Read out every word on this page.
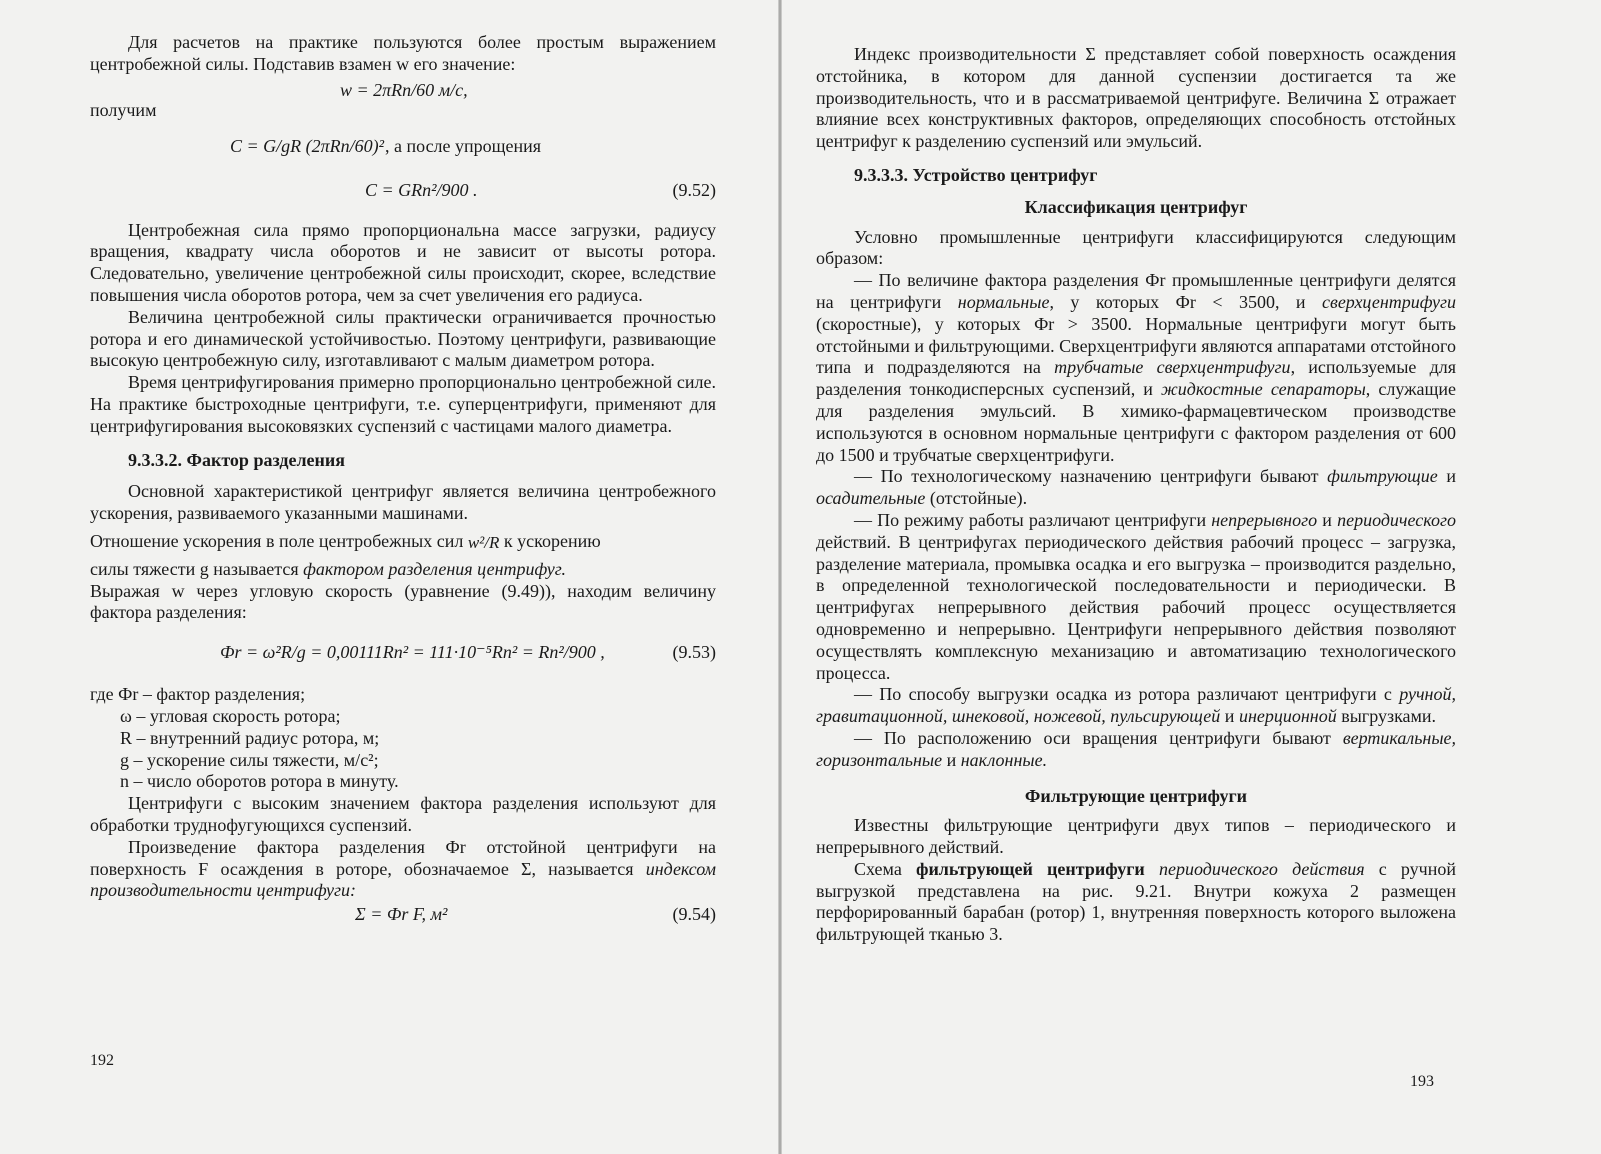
Для расчетов на практике пользуются более простым выражением центробежной силы. Подставив взамен w его значение:

w = 2πRn/60 м/с,
получим
C = G/gR (2πRn/60)² , а после упрощения
C = GRn²/900 .	(9.52)

Центробежная сила прямо пропорциональна массе загрузки, радиусу вращения, квадрату числа оборотов и не зависит от высоты ротора. Следовательно, увеличение центробежной силы происходит, скорее, вследствие повышения числа оборотов ротора, чем за счет увеличения его радиуса.

Величина центробежной силы практически ограничивается прочностью ротора и его динамической устойчивостью. Поэтому центрифуги, развивающие высокую центробежную силу, изготавливают с малым диаметром ротора.

Время центрифугирования примерно пропорционально центробежной силе. На практике быстроходные центрифуги, т.е. суперцентрифуги, применяют для центрифугирования высоковязких суспензий с частицами малого диаметра.

9.3.3.2. Фактор разделения

Основной характеристикой центрифуг является величина центробежного ускорения, развиваемого указанными машинами.

Отношение ускорения в поле центробежных сил w²/R к ускорению

силы тяжести g называется фактором разделения центрифуг.

Выражая w через угловую скорость (уравнение (9.49)), находим величину фактора разделения:

Фr = ω²R/g = 0,00111Rn² = 111·10⁻⁵Rn² = Rn²/900 ,	(9.53)

где Фr – фактор разделения;

ω – угловая скорость ротора;

R – внутренний радиус ротора, м;

g – ускорение силы тяжести, м/с²;

n – число оборотов ротора в минуту.

Центрифуги с высоким значением фактора разделения используют для обработки труднофугующихся суспензий.

Произведение фактора разделения Фr отстойной центрифуги на поверхность F осаждения в роторе, обозначаемое Σ, называется индексом производительности центрифуги:

Σ = Фr F, м²	(9.54)
192

Индекс производительности Σ представляет собой поверхность осаждения отстойника, в котором для данной суспензии достигается та же производительность, что и в рассматриваемой центрифуге. Величина Σ отражает влияние всех конструктивных факторов, определяющих способность отстойных центрифуг к разделению суспензий или эмульсий.

9.3.3.3. Устройство центрифуг

Классификация центрифуг

Условно промышленные центрифуги классифицируются следующим образом:

— По величине фактора разделения Фr промышленные центрифуги делятся на центрифуги нормальные, у которых Фr < 3500, и сверхцентрифуги (скоростные), у которых Фr > 3500. Нормальные центрифуги могут быть отстойными и фильтрующими. Сверхцентрифуги являются аппаратами отстойного типа и подразделяются на трубчатые сверхцентрифуги, используемые для разделения тонкодисперсных суспензий, и жидкостные сепараторы, служащие для разделения эмульсий. В химико-фармацевтическом производстве используются в основном нормальные центрифуги с фактором разделения от 600 до 1500 и трубчатые сверхцентрифуги.

— По технологическому назначению центрифуги бывают фильтрующие и осадительные (отстойные).

— По режиму работы различают центрифуги непрерывного и периодического действий. В центрифугах периодического действия рабочий процесс – загрузка, разделение материала, промывка осадка и его выгрузка – производится раздельно, в определенной технологической последовательности и периодически. В центрифугах непрерывного действия рабочий процесс осуществляется одновременно и непрерывно. Центрифуги непрерывного действия позволяют осуществлять комплексную механизацию и автоматизацию технологического процесса.

— По способу выгрузки осадка из ротора различают центрифуги с ручной, гравитационной, шнековой, ножевой, пульсирующей и инерционной выгрузками.

— По расположению оси вращения центрифуги бывают вертикальные, горизонтальные и наклонные.

Фильтрующие центрифуги

Известны фильтрующие центрифуги двух типов – периодического и непрерывного действий.

Схема фильтрующей центрифуги периодического действия с ручной выгрузкой представлена на рис. 9.21. Внутри кожуха 2 размещен перфорированный барабан (ротор) 1, внутренняя поверхность которого выложена фильтрующей тканью 3.

193
